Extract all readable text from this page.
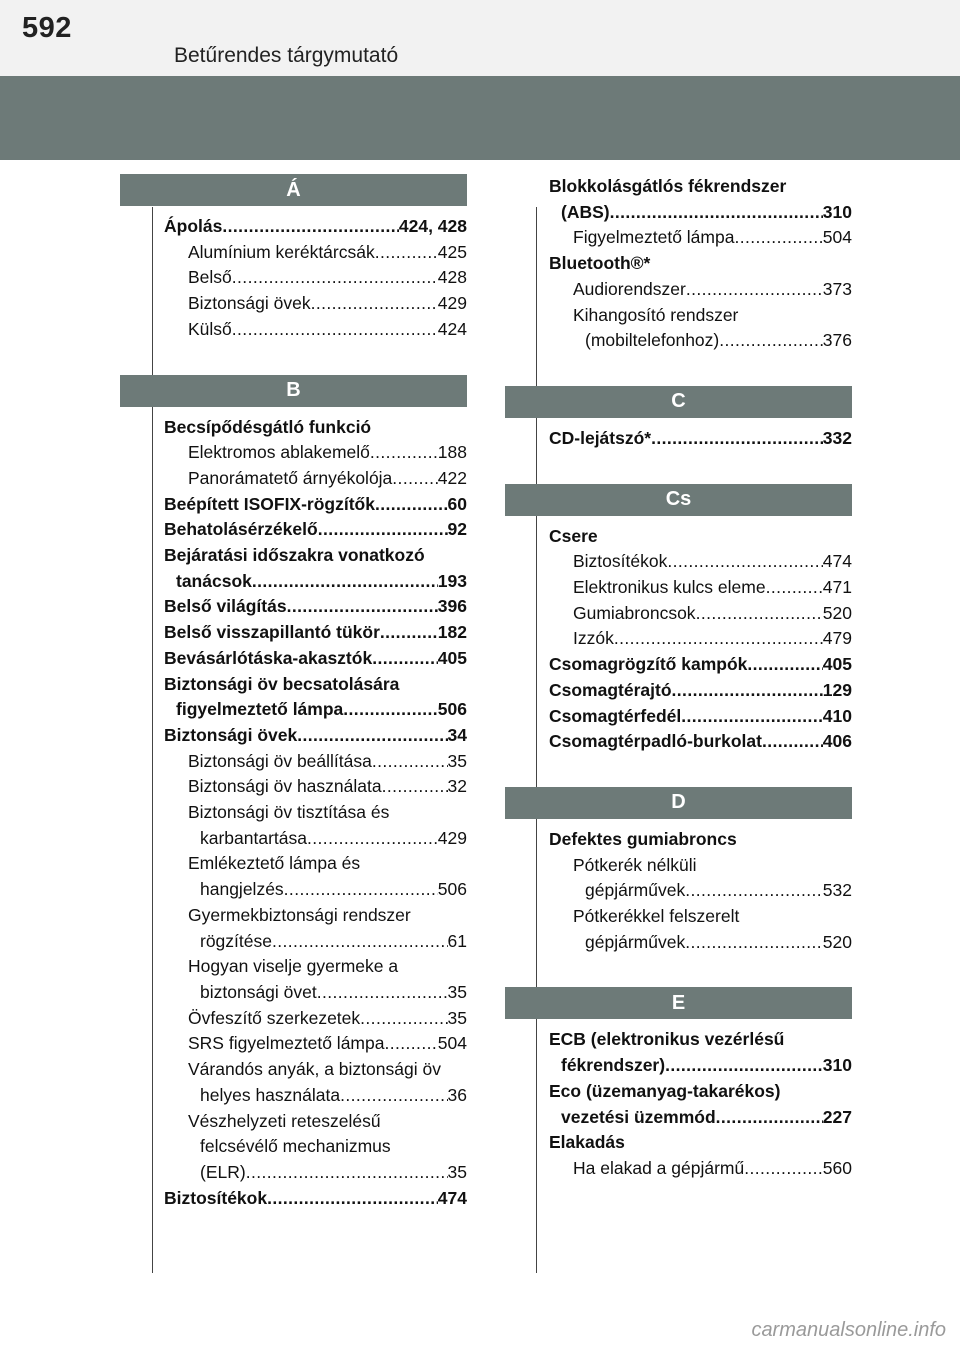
592
Betűrendes tárgymutató
Á
Ápolás .....	424, 428
Alumínium keréktárcsák .....	425
Belső .....	428
Biztonsági övek .....	429
Külső .....	424
B
Becsípődésgátló funkció
Elektromos ablakemelő .....	188
Panorámatető árnyékolója .....	422
Beépített ISOFIX-rögzítők .....	60
Behatolásérzékelő .....	92
Bejáratási időszakra vonatkozó
tanácsok .....	193
Belső világítás .....	396
Belső visszapillantó tükör .....	182
Bevásárlótáska-akasztók .....	405
Biztonsági öv becsatolására
figyelmeztető lámpa .....	506
Biztonsági övek .....	34
Biztonsági öv beállítása .....	35
Biztonsági öv használata .....	32
Biztonsági öv tisztítása és
karbantartása .....	429
Emlékeztető lámpa és
hangjelzés .....	506
Gyermekbiztonsági rendszer
rögzítése .....	61
Hogyan viselje gyermeke a
biztonsági övet .....	35
Övfeszítő szerkezetek .....	35
SRS figyelmeztető lámpa .....	504
Várandós anyák, a biztonsági öv
helyes használata .....	36
Vészhelyzeti reteszelésű
felcsévélő mechanizmus
(ELR) .....	35
Biztosítékok .....	474
Blokkolásgátlós fékrendszer
(ABS) .....	310
Figyelmeztető lámpa .....	504
Bluetooth®*
Audiorendszer .....	373
Kihangosító rendszer
(mobiltelefonhoz) .....	376
C
CD-lejátszó* .....	332
Cs
Csere
Biztosítékok .....	474
Elektronikus kulcs eleme .....	471
Gumiabroncsok .....	520
Izzók .....	479
Csomagrögzítő kampók .....	405
Csomagtérajtó .....	129
Csomagtérfedél .....	410
Csomagtérpadló-burkolat .....	406
D
Defektes gumiabroncs
Pótkerék nélküli
gépjárművek .....	532
Pótkerékkel felszerelt
gépjárművek .....	520
E
ECB (elektronikus vezérlésű
fékrendszer) .....	310
Eco (üzemanyag-takarékos)
vezetési üzemmód .....	227
Elakadás
Ha elakad a gépjármű .....	560
carmanualsonline.info
